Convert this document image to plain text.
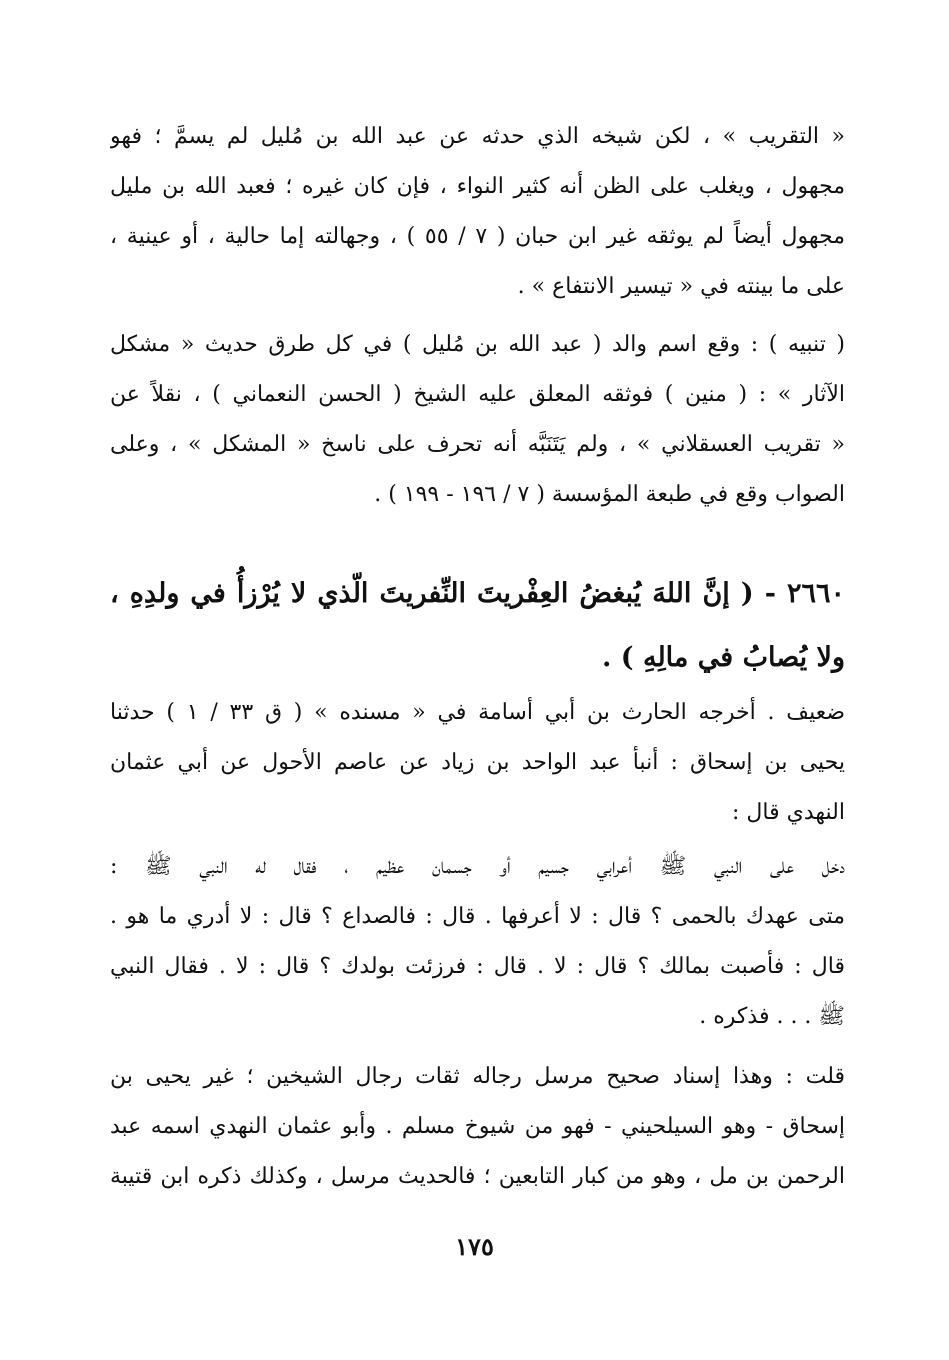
« التقريب » ، لكن شيخه الذي حدثه عن عبد الله بن مُليل لم يسمَّ ؛ فهو
مجهول ، ويغلب على الظن أنه كثير النواء ، فإن كان غيره ؛ فعبد الله بن مليل
مجهول أيضاً لم يوثقه غير ابن حبان ( ٧ / ٥٥ ) ، وجهالته إما حالية ، أو عينية ،
على ما بينته في « تيسير الانتفاع » .
( تنبيه ) : وقع اسم والد ( عبد الله بن مُليل ) في كل طرق حديث « مشكل
الآثار » : ( منين ) فوثقه المعلق عليه الشيخ ( الحسن النعماني ) ، نقلاً عن
« تقريب العسقلاني » ، ولم يَتَنَبَّه أنه تحرف على ناسخ « المشكل » ، وعلى
الصواب وقع في طبعة المؤسسة ( ٧ / ١٩٦ - ١٩٩ ) .
٢٦٦٠ - ( إنَّ اللهَ يُبغضُ العِفْريتَ النِّفريتَ الّذي لا يُرْزأُ في ولدِهِ ،
ولا يُصابُ في مالِهِ ) .
ضعيف . أخرجه الحارث بن أبي أسامة في « مسنده » ( ق ٣٣ / ١ ) حدثنا
يحيى بن إسحاق : أنبأ عبد الواحد بن زياد عن عاصم الأحول عن أبي عثمان
النهدي قال :
دخل على النبي ﷺ أعرابي جسيم أو جسمان عظيم ، فقال له النبي ﷺ :
متى عهدك بالحمى ؟ قال : لا أعرفها . قال : فالصداع ؟ قال : لا أدري ما هو .
قال : فأصبت بمالك ؟ قال : لا . قال : فرزئت بولدك ؟ قال : لا . فقال النبي
ﷺ . . . فذكره .
قلت : وهذا إسناد صحيح مرسل رجاله ثقات رجال الشيخين ؛ غير يحيى بن
إسحاق - وهو السيلحيني - فهو من شيوخ مسلم . وأبو عثمان النهدي اسمه عبد
الرحمن بن مل ، وهو من كبار التابعين ؛ فالحديث مرسل ، وكذلك ذكره ابن قتيبة
١٧٥
